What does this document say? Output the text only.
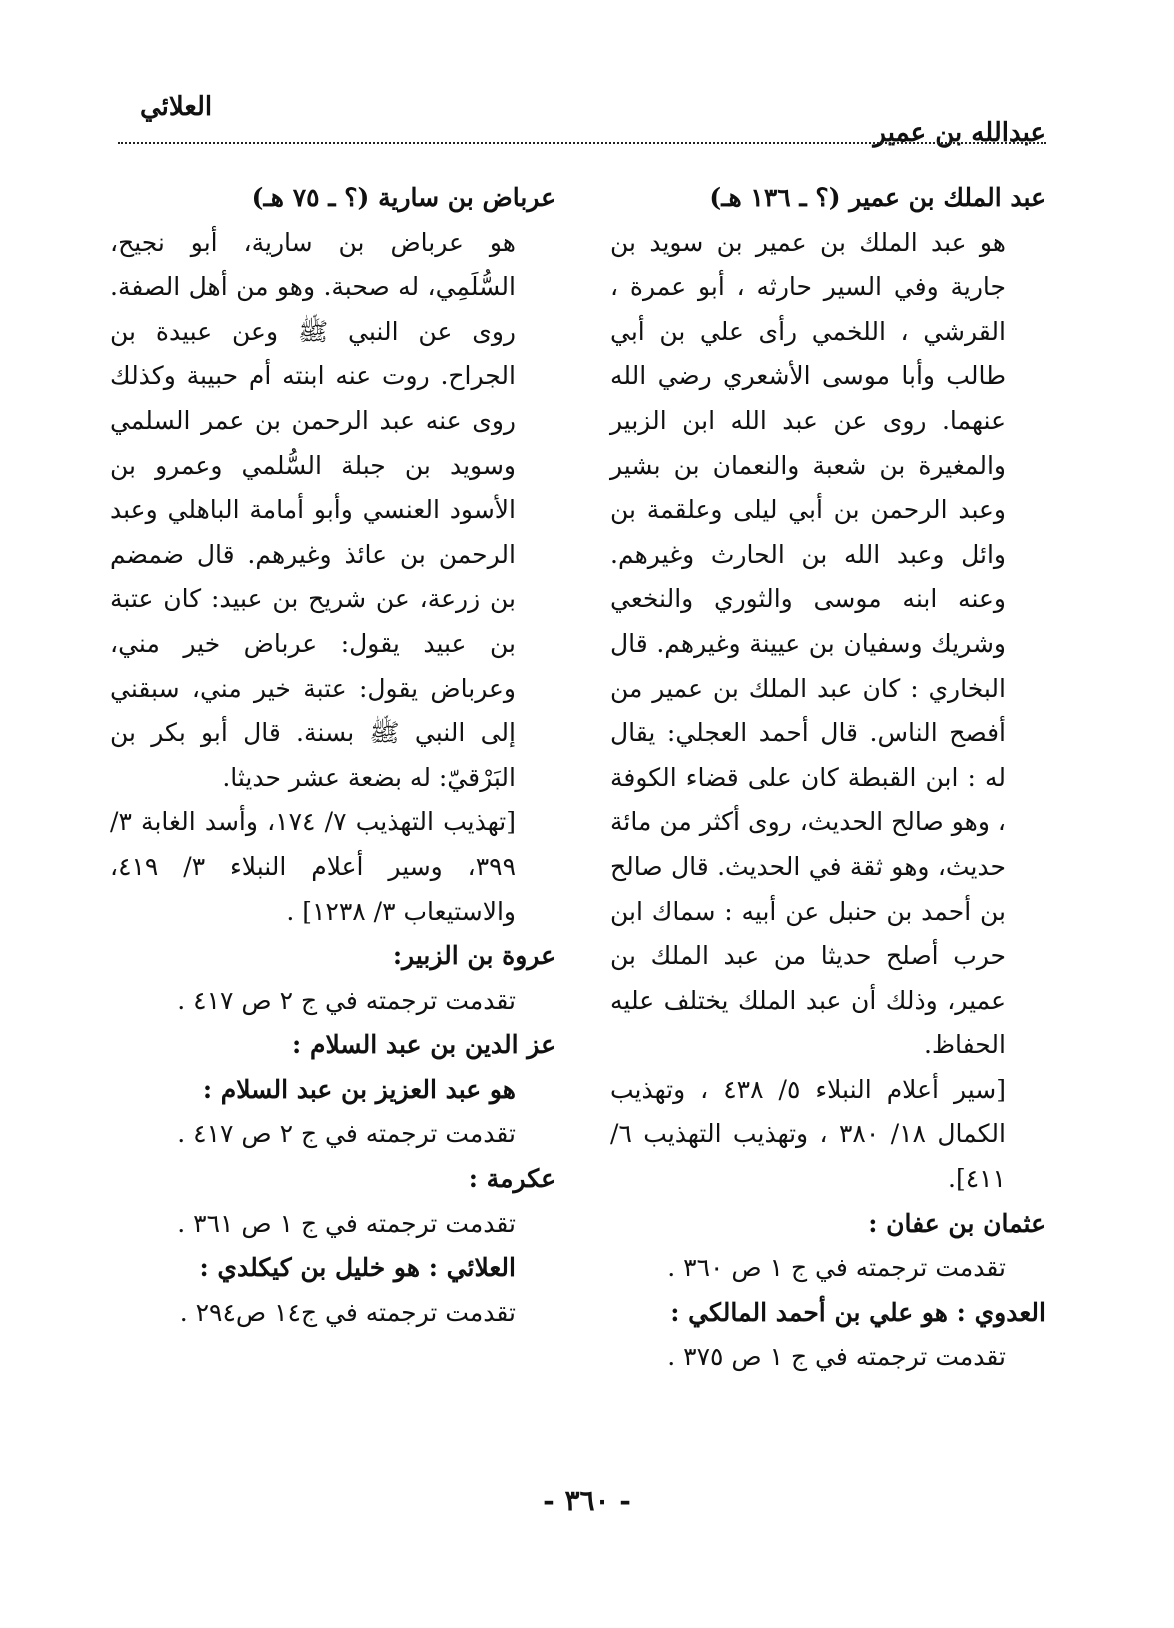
العلائي
عبدالله بن عمير

عبد الملك بن عمير (؟ ـ ١٣٦ هـ)

هو عبد الملك بن عمير بن سويد بن جارية وفي السير حارثه ، أبو عمرة ، القرشي ، اللخمي رأى علي بن أبي طالب وأبا موسى الأشعري رضي الله عنهما. روى عن عبد الله ابن الزبير والمغيرة بن شعبة والنعمان بن بشير وعبد الرحمن بن أبي ليلى وعلقمة بن وائل وعبد الله بن الحارث وغيرهم. وعنه ابنه موسى والثوري والنخعي وشريك وسفيان بن عيينة وغيرهم. قال البخاري : كان عبد الملك بن عمير من أفصح الناس. قال أحمد العجلي: يقال له : ابن القبطة كان على قضاء الكوفة ، وهو صالح الحديث، روى أكثر من مائة حديث، وهو ثقة في الحديث. قال صالح بن أحمد بن حنبل عن أبيه : سماك ابن حرب أصلح حديثا من عبد الملك بن عمير، وذلك أن عبد الملك يختلف عليه الحفاظ.

[سير أعلام النبلاء ٥/ ٤٣٨ ، وتهذيب الكمال ١٨/ ٣٨٠ ، وتهذيب التهذيب ٦/ ٤١١].

عثمان بن عفان :

تقدمت ترجمته في ج ١ ص ٣٦٠ .

العدوي : هو علي بن أحمد المالكي :

تقدمت ترجمته في ج ١ ص ٣٧٥ .

عرباض بن سارية (؟ ـ ٧٥ هـ)

هو عرباض بن سارية، أبو نجيح، السُّلَمِي، له صحبة. وهو من أهل الصفة. روى عن النبي ﷺ وعن عبيدة بن الجراح. روت عنه ابنته أم حبيبة وكذلك روى عنه عبد الرحمن بن عمر السلمي وسويد بن جبلة السُّلمي وعمرو بن الأسود العنسي وأبو أمامة الباهلي وعبد الرحمن بن عائذ وغيرهم. قال ضمضم بن زرعة، عن شريح بن عبيد: كان عتبة بن عبيد يقول: عرباض خير مني، وعرباض يقول: عتبة خير مني، سبقني إلى النبي ﷺ بسنة. قال أبو بكر بن البَرْقيّ: له بضعة عشر حديثا.

[تهذيب التهذيب ٧/ ١٧٤، وأسد الغابة ٣/ ٣٩٩، وسير أعلام النبلاء ٣/ ٤١٩، والاستيعاب ٣/ ١٢٣٨] .

عروة بن الزبير:

تقدمت ترجمته في ج ٢ ص ٤١٧ .

عز الدين بن عبد السلام :

هو عبد العزيز بن عبد السلام :

تقدمت ترجمته في ج ٢ ص ٤١٧ .

عكرمة :

تقدمت ترجمته في ج ١ ص ٣٦١ .

العلائي : هو خليل بن كيكلدي :

تقدمت ترجمته في ج١٤ ص٢٩٤ .

- ٣٦٠ -
